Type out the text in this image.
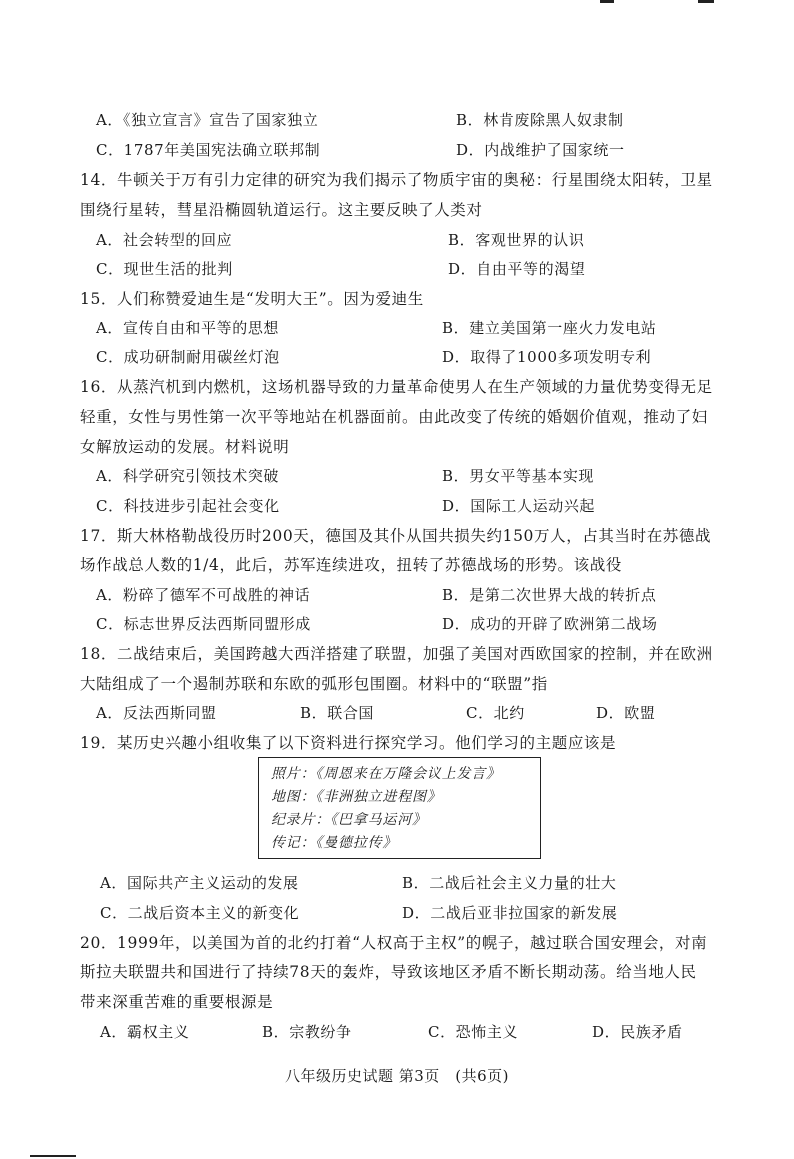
A．《独立宣言》宣告了国家独立	B．林肯废除黑人奴隶制
C．1787年美国宪法确立联邦制	D．内战维护了国家统一
14．牛顿关于万有引力定律的研究为我们揭示了物质宇宙的奥秘：行星围绕太阳转，卫星
围绕行星转，彗星沿椭圆轨道运行。这主要反映了人类对
A．社会转型的回应	B．客观世界的认识
C．现世生活的批判	D．自由平等的渴望
15．人们称赞爱迪生是“发明大王”。因为爱迪生
A．宣传自由和平等的思想	B．建立美国第一座火力发电站
C．成功研制耐用碳丝灯泡	D．取得了1000多项发明专利
16．从蒸汽机到内燃机，这场机器导致的力量革命使男人在生产领域的力量优势变得无足
轻重，女性与男性第一次平等地站在机器面前。由此改变了传统的婚姻价值观，推动了妇
女解放运动的发展。材料说明
A．科学研究引领技术突破	B．男女平等基本实现
C．科技进步引起社会变化	D．国际工人运动兴起
17．斯大林格勒战役历时200天，德国及其仆从国共损失约150万人，占其当时在苏德战
场作战总人数的1/4，此后，苏军连续进攻，扭转了苏德战场的形势。该战役
A．粉碎了德军不可战胜的神话	B．是第二次世界大战的转折点
C．标志世界反法西斯同盟形成	D．成功的开辟了欧洲第二战场
18．二战结束后，美国跨越大西洋搭建了联盟，加强了美国对西欧国家的控制，并在欧洲
大陆组成了一个遏制苏联和东欧的弧形包围圈。材料中的“联盟”指
A．反法西斯同盟	B．联合国	C．北约	D．欧盟
19．某历史兴趣小组收集了以下资料进行探究学习。他们学习的主题应该是
照片：《周恩来在万隆会议上发言》
地图：《非洲独立进程图》
纪录片：《巴拿马运河》
传记：《曼德拉传》
A．国际共产主义运动的发展	B．二战后社会主义力量的壮大
C．二战后资本主义的新变化	D．二战后亚非拉国家的新发展
20．1999年，以美国为首的北约打着“人权高于主权”的幌子，越过联合国安理会，对南
斯拉夫联盟共和国进行了持续78天的轰炸，导致该地区矛盾不断长期动荡。给当地人民
带来深重苦难的重要根源是
A．霸权主义	B．宗教纷争	C．恐怖主义	D．民族矛盾
八年级历史试题 第3页　(共6页)
